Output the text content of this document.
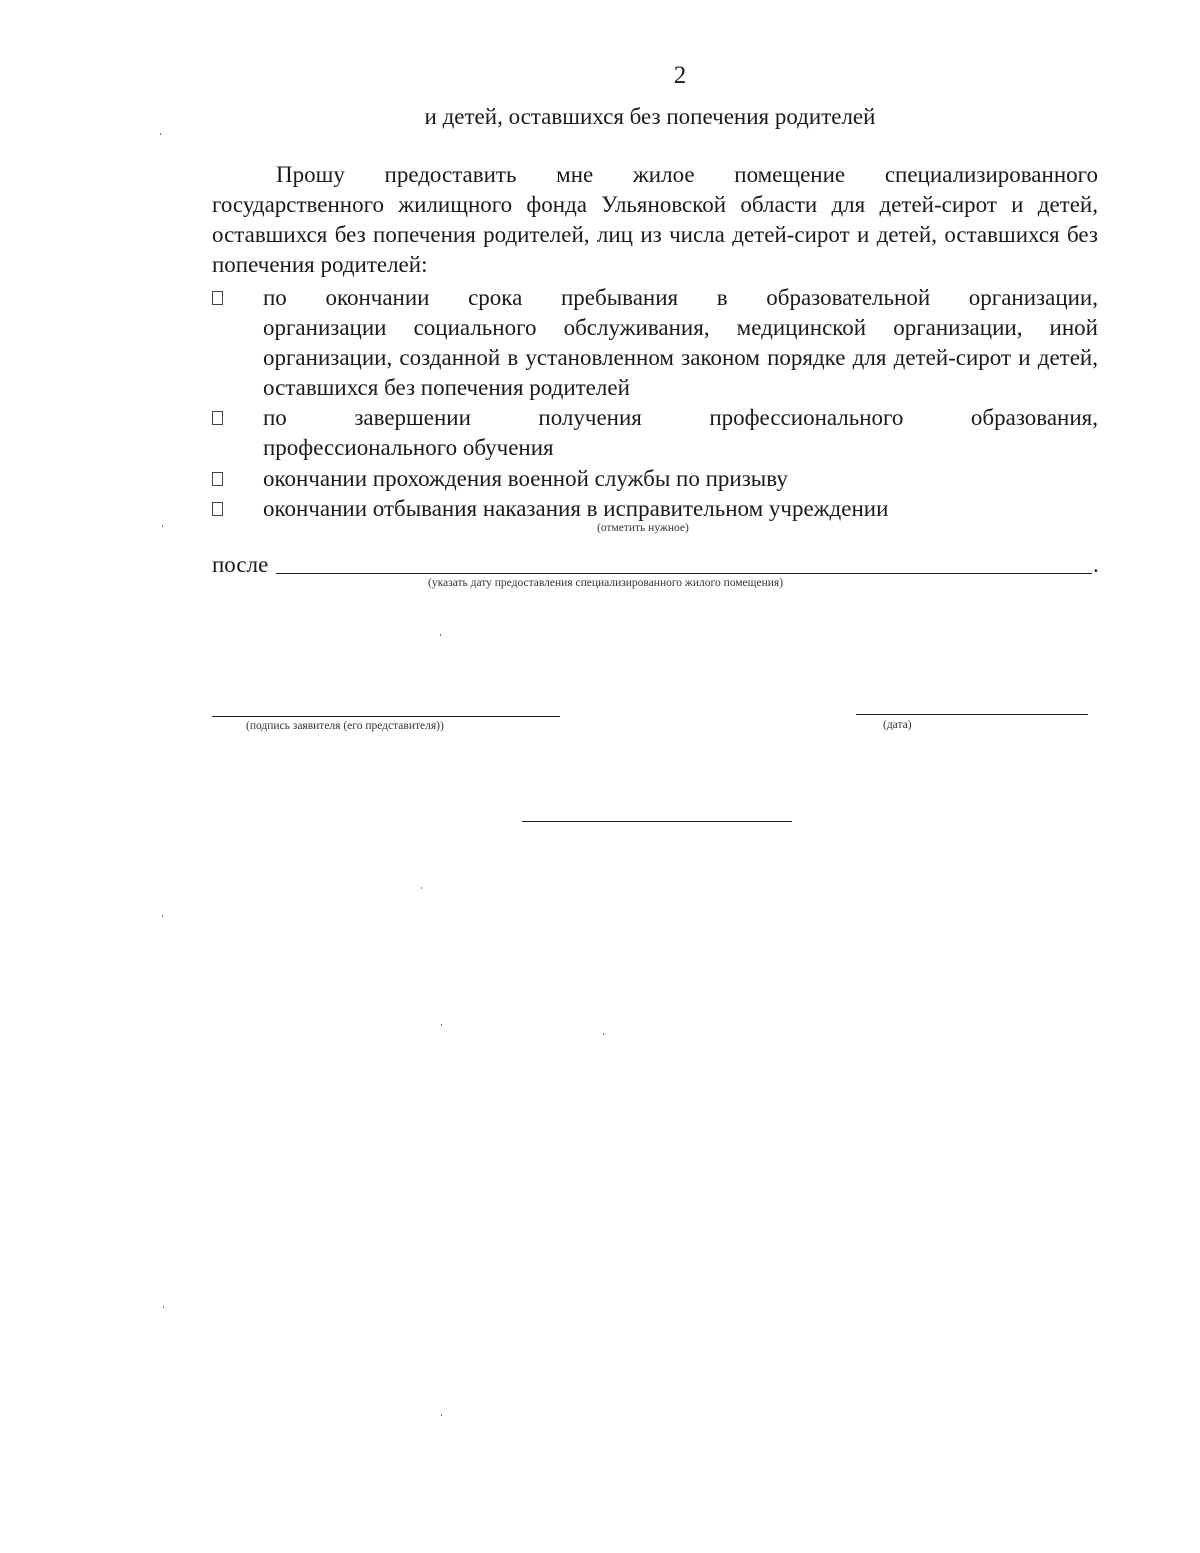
2
и детей, оставшихся без попечения родителей

Прошу предоставить мне жилое помещение специализированного государственного жилищного фонда Ульяновской области для детей-сирот и детей, оставшихся без попечения родителей, лиц из числа детей-сирот и детей, оставшихся без попечения родителей:

по окончании срока пребывания в образовательной организации,
организации социального обслуживания, медицинской организации, иной организации, созданной в установленном законом порядке для детей-сирот и детей, оставшихся без попечения родителей
по завершении получения профессионального образования,
профессионального обучения
окончании прохождения военной службы по призыву
окончании отбывания наказания в исправительном учреждении
(отметить нужное)
после	.
(указать дату предоставления специализированного жилого помещения)
(подпись заявителя (его представителя))	(дата)
